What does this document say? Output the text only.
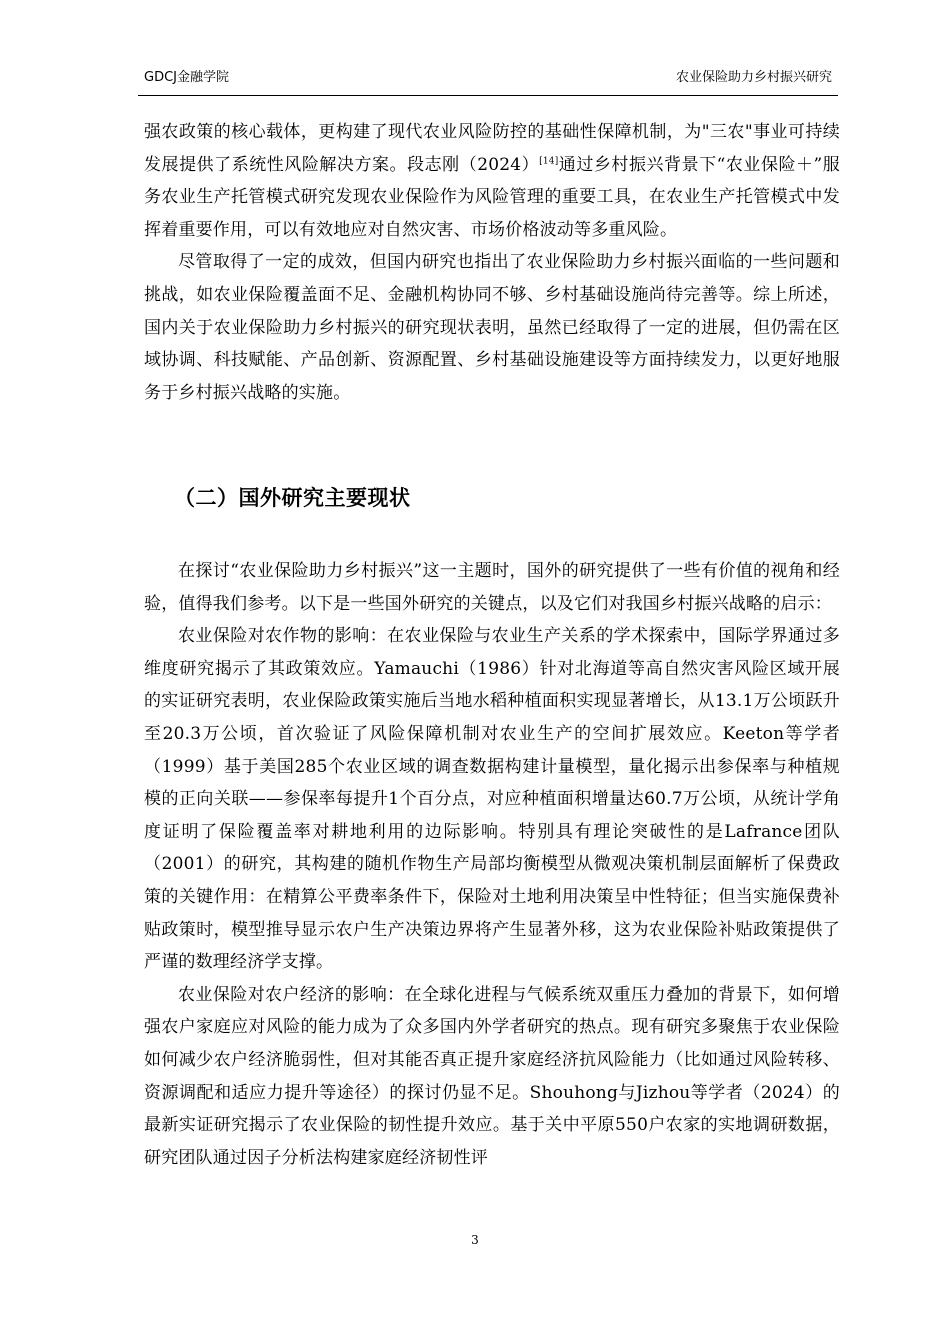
GDCJ金融学院	农业保险助力乡村振兴研究

强农政策的核心载体，更构建了现代农业风险防控的基础性保障机制，为"三农"事业可持续发展提供了系统性风险解决方案。段志刚（2024）[14]通过乡村振兴背景下“农业保险＋”服务农业生产托管模式研究发现农业保险作为风险管理的重要工具，在农业生产托管模式中发挥着重要作用，可以有效地应对自然灾害、市场价格波动等多重风险。

尽管取得了一定的成效，但国内研究也指出了农业保险助力乡村振兴面临的一些问题和挑战，如农业保险覆盖面不足、金融机构协同不够、乡村基础设施尚待完善等。综上所述，国内关于农业保险助力乡村振兴的研究现状表明，虽然已经取得了一定的进展，但仍需在区域协调、科技赋能、产品创新、资源配置、乡村基础设施建设等方面持续发力，以更好地服务于乡村振兴战略的实施。

（二）国外研究主要现状

在探讨“农业保险助力乡村振兴”这一主题时，国外的研究提供了一些有价值的视角和经验，值得我们参考。以下是一些国外研究的关键点，以及它们对我国乡村振兴战略的启示：

农业保险对农作物的影响：在农业保险与农业生产关系的学术探索中，国际学界通过多维度研究揭示了其政策效应。Yamauchi（1986）针对北海道等高自然灾害风险区域开展的实证研究表明，农业保险政策实施后当地水稻种植面积实现显著增长，从13.1万公顷跃升至20.3万公顷，首次验证了风险保障机制对农业生产的空间扩展效应。Keeton等学者（1999）基于美国285个农业区域的调查数据构建计量模型，量化揭示出参保率与种植规模的正向关联——参保率每提升1个百分点，对应种植面积增量达60.7万公顷，从统计学角度证明了保险覆盖率对耕地利用的边际影响。特别具有理论突破性的是Lafrance团队（2001）的研究，其构建的随机作物生产局部均衡模型从微观决策机制层面解析了保费政策的关键作用：在精算公平费率条件下，保险对土地利用决策呈中性特征；但当实施保费补贴政策时，模型推导显示农户生产决策边界将产生显著外移，这为农业保险补贴政策提供了严谨的数理经济学支撑。

农业保险对农户经济的影响：在全球化进程与气候系统双重压力叠加的背景下，如何增强农户家庭应对风险的能力成为了众多国内外学者研究的热点。现有研究多聚焦于农业保险如何减少农户经济脆弱性，但对其能否真正提升家庭经济抗风险能力（比如通过风险转移、资源调配和适应力提升等途径）的探讨仍显不足。Shouhong与Jizhou等学者（2024）的最新实证研究揭示了农业保险的韧性提升效应。基于关中平原550户农家的实地调研数据，研究团队通过因子分析法构建家庭经济韧性评

3
